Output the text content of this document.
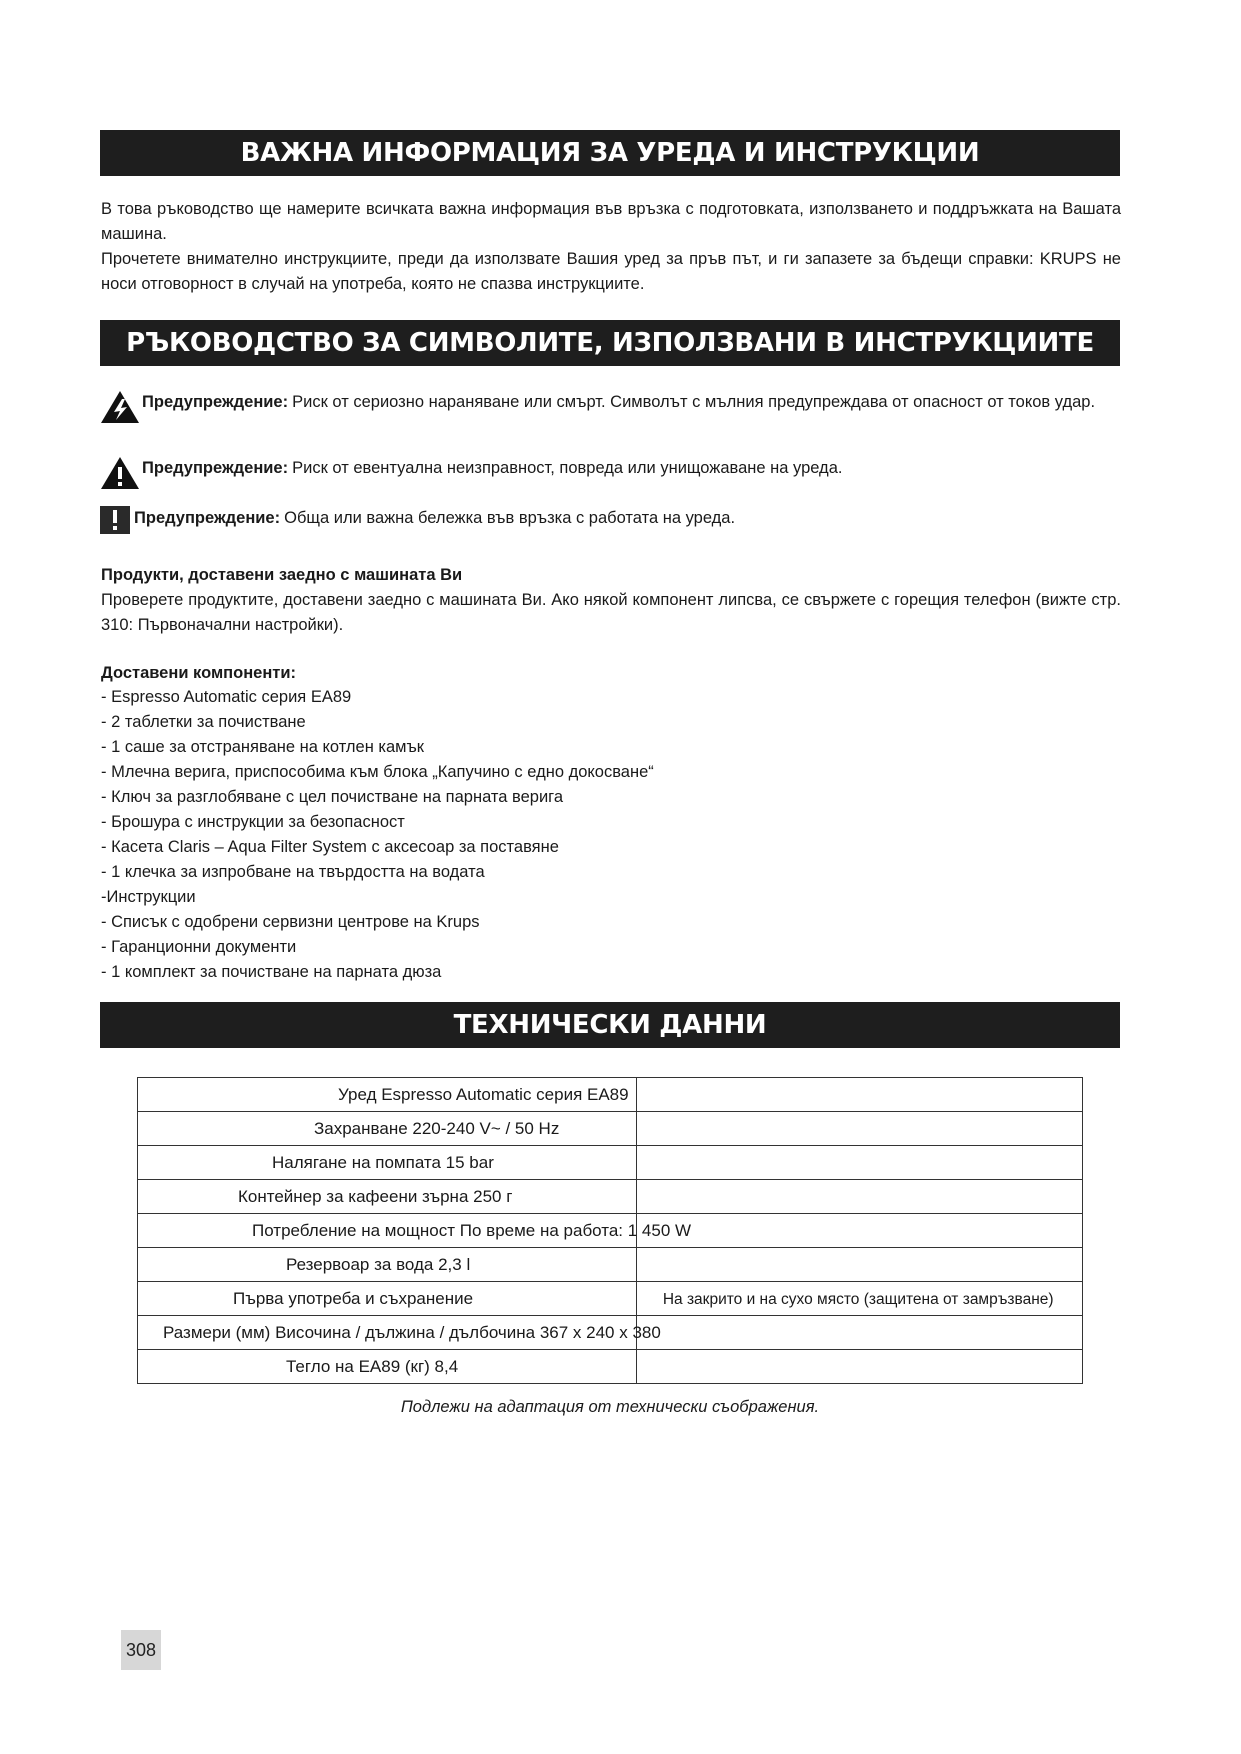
ВАЖНА ИНФОРМАЦИЯ ЗА УРЕДА И ИНСТРУКЦИИ
В това ръководство ще намерите всичката важна информация във връзка с подготовката, използването и поддръжката на Вашата машина.
Прочетете внимателно инструкциите, преди да използвате Вашия уред за пръв път, и ги запазете за бъдещи справки: KRUPS не носи отговорност в случай на употреба, която не спазва инструкциите.
РЪКОВОДСТВО ЗА СИМВОЛИТЕ, ИЗПОЛЗВАНИ В ИНСТРУКЦИИТЕ
Предупреждение: Риск от сериозно нараняване или смърт. Символът с мълния предупреждава от опасност от токов удар.
Предупреждение: Риск от евентуална неизправност, повреда или унищожаване на уреда.
Предупреждение: Обща или важна бележка във връзка с работата на уреда.
Продукти, доставени заедно с машината Ви
Проверете продуктите, доставени заедно с машината Ви. Ако някой компонент липсва, се свържете с горещия телефон (вижте стр. 310: Първоначални настройки).
Доставени компоненти:
- Espresso Automatic серия EA89
- 2 таблетки за почистване
- 1 саше за отстраняване на котлен камък
- Млечна верига, приспособима към блока „Капучино с едно докосване“
- Ключ за разглобяване с цел почистване на парната верига
- Брошура с инструкции за безопасност
- Касета Claris – Aqua Filter System с аксесоар за поставяне
- 1 клечка за изпробване на твърдостта на водата
-Инструкции
- Списък с одобрени сервизни центрове на Krups
- Гаранционни документи
- 1 комплект за почистване на парната дюза
ТЕХНИЧЕСКИ ДАННИ
Уред Espresso Automatic серия EA89	
Захранване 220-240 V~ / 50 Hz	
Налягане на помпата 15 bar	
Контейнер за кафеени зърна 250 г	
Потребление на мощност По време на работа: 1 450 W	
Резервоар за вода 2,3 l	
Първа употреба и съхранение	На закрито и на сухо място (защитена от замръзване)
Размери (мм) Височина / дължина / дълбочина 367 x 240 x 380	
Тегло на EA89 (кг) 8,4	
Подлежи на адаптация от технически съображения.
308
